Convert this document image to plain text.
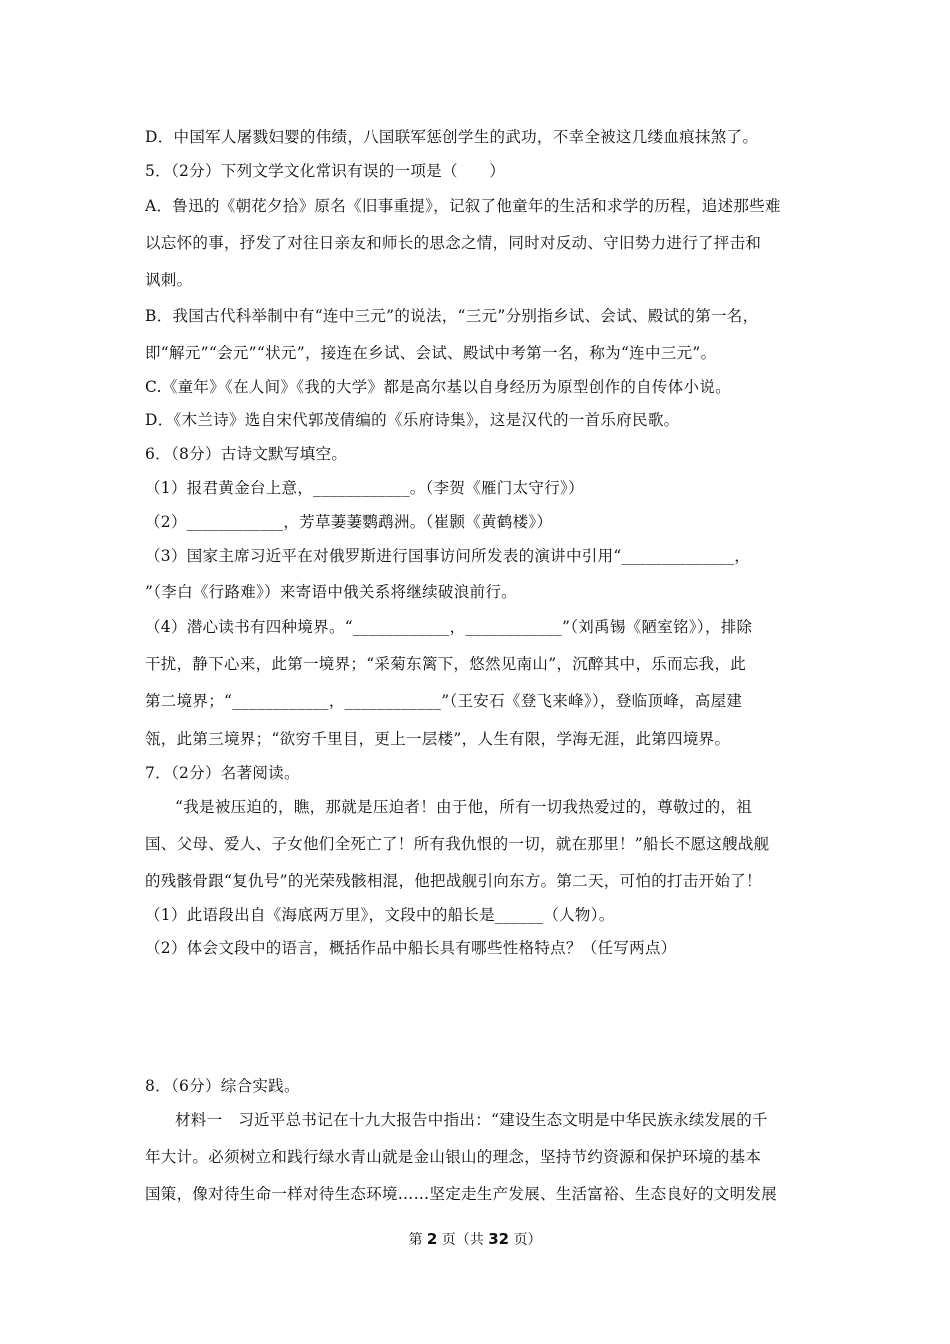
D．中国军人屠戮妇婴的伟绩，八国联军惩创学生的武功，不幸全被这几缕血痕抹煞了。
5．（2分）下列文学文化常识有误的一项是（　　）
A．鲁迅的《朝花夕拾》原名《旧事重提》，记叙了他童年的生活和求学的历程，追述那些难
以忘怀的事，抒发了对往日亲友和师长的思念之情，同时对反动、守旧势力进行了抨击和
讽刺。
B．我国古代科举制中有“连中三元”的说法，“三元”分别指乡试、会试、殿试的第一名，
即“解元”“会元”“状元”，接连在乡试、会试、殿试中考第一名，称为“连中三元”。
C.《童年》《在人间》《我的大学》都是高尔基以自身经历为原型创作的自传体小说。
D．《木兰诗》选自宋代郭茂倩编的《乐府诗集》，这是汉代的一首乐府民歌。
6．（8分）古诗文默写填空。
（1）报君黄金台上意，____________。（李贺《雁门太守行》）
（2）____________，芳草萋萋鹦鹉洲。（崔颢《黄鹤楼》）
（3）国家主席习近平在对俄罗斯进行国事访问所发表的演讲中引用“______________，
”（李白《行路难》）来寄语中俄关系将继续破浪前行。
（4）潜心读书有四种境界。“____________，____________”（刘禹锡《陋室铭》），排除
干扰，静下心来，此第一境界；“采菊东篱下，悠然见南山”，沉醉其中，乐而忘我，此
第二境界；“____________，____________”（王安石《登飞来峰》），登临顶峰，高屋建
瓴，此第三境界；“欲穷千里目，更上一层楼”，人生有限，学海无涯，此第四境界。
7．（2分）名著阅读。
“我是被压迫的，瞧，那就是压迫者！由于他，所有一切我热爱过的，尊敬过的，祖
国、父母、爱人、子女他们全死亡了！所有我仇恨的一切，就在那里！”船长不愿这艘战舰
的残骸骨跟“复仇号”的光荣残骸相混，他把战舰引向东方。第二天，可怕的打击开始了！
（1）此语段出自《海底两万里》，文段中的船长是______（人物）。
（2）体会文段中的语言，概括作品中船长具有哪些性格特点？（任写两点）
8．（6分）综合实践。
材料一　习近平总书记在十九大报告中指出：“建设生态文明是中华民族永续发展的千
年大计。必须树立和践行绿水青山就是金山银山的理念，坚持节约资源和保护环境的基本
国策，像对待生命一样对待生态环境……坚定走生产发展、生活富裕、生态良好的文明发展
第 2 页（共 32 页）
